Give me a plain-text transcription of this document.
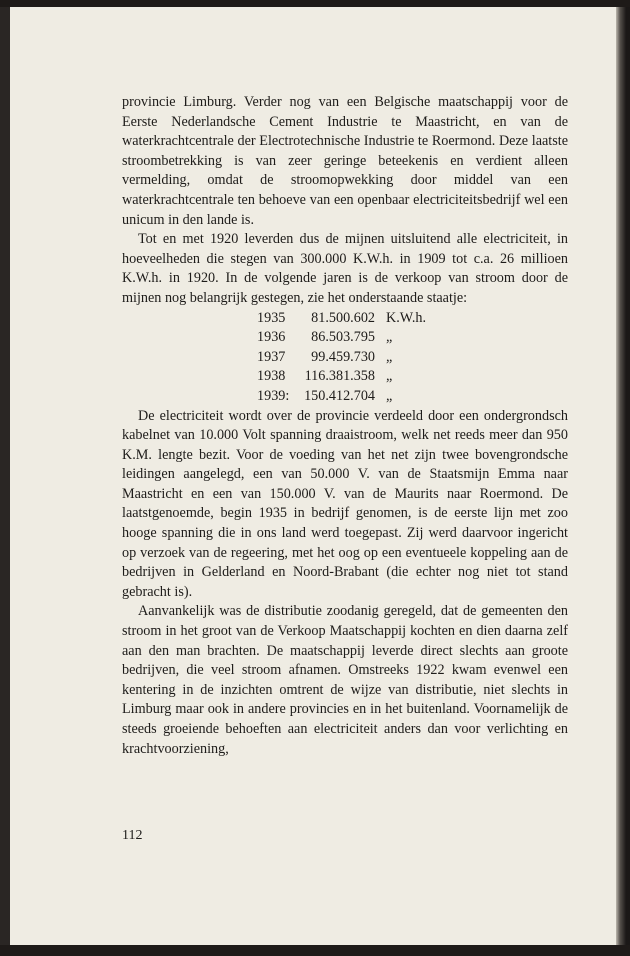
provincie Limburg. Verder nog van een Belgische maatschappij voor de Eerste Nederlandsche Cement Industrie te Maastricht, en van de waterkrachtcentrale der Electrotechnische Industrie te Roermond. Deze laatste stroombetrekking is van zeer geringe beteekenis en verdient alleen vermelding, omdat de stroomopwekking door middel van een waterkrachtcentrale ten behoeve van een openbaar electriciteitsbedrijf wel een unicum in den lande is.

Tot en met 1920 leverden dus de mijnen uitsluitend alle electriciteit, in hoeveelheden die stegen van 300.000 K.W.h. in 1909 tot c.a. 26 millioen K.W.h. in 1920. In de volgende jaren is de verkoop van stroom door de mijnen nog belangrijk gestegen, zie het onderstaande staatje:

1935	81.500.602 K.W.h.
1936	86.503.795 „
1937	99.459.730 „
1938	116.381.358 „
1939:	150.412.704 „

De electriciteit wordt over de provincie verdeeld door een ondergrondsch kabelnet van 10.000 Volt spanning draaistroom, welk net reeds meer dan 950 K.M. lengte bezit. Voor de voeding van het net zijn twee bovengrondsche leidingen aangelegd, een van 50.000 V. van de Staatsmijn Emma naar Maastricht en een van 150.000 V. van de Maurits naar Roermond. De laatstgenoemde, begin 1935 in bedrijf genomen, is de eerste lijn met zoo hooge spanning die in ons land werd toegepast. Zij werd daarvoor ingericht op verzoek van de regeering, met het oog op een eventueele koppeling aan de bedrijven in Gelderland en Noord-Brabant (die echter nog niet tot stand gebracht is).

Aanvankelijk was de distributie zoodanig geregeld, dat de gemeenten den stroom in het groot van de Verkoop Maatschappij kochten en dien daarna zelf aan den man brachten. De maatschappij leverde direct slechts aan groote bedrijven, die veel stroom afnamen. Omstreeks 1922 kwam evenwel een kentering in de inzichten omtrent de wijze van distributie, niet slechts in Limburg maar ook in andere provincies en in het buitenland. Voornamelijk de steeds groeiende behoeften aan electriciteit anders dan voor verlichting en krachtvoorziening,

112
